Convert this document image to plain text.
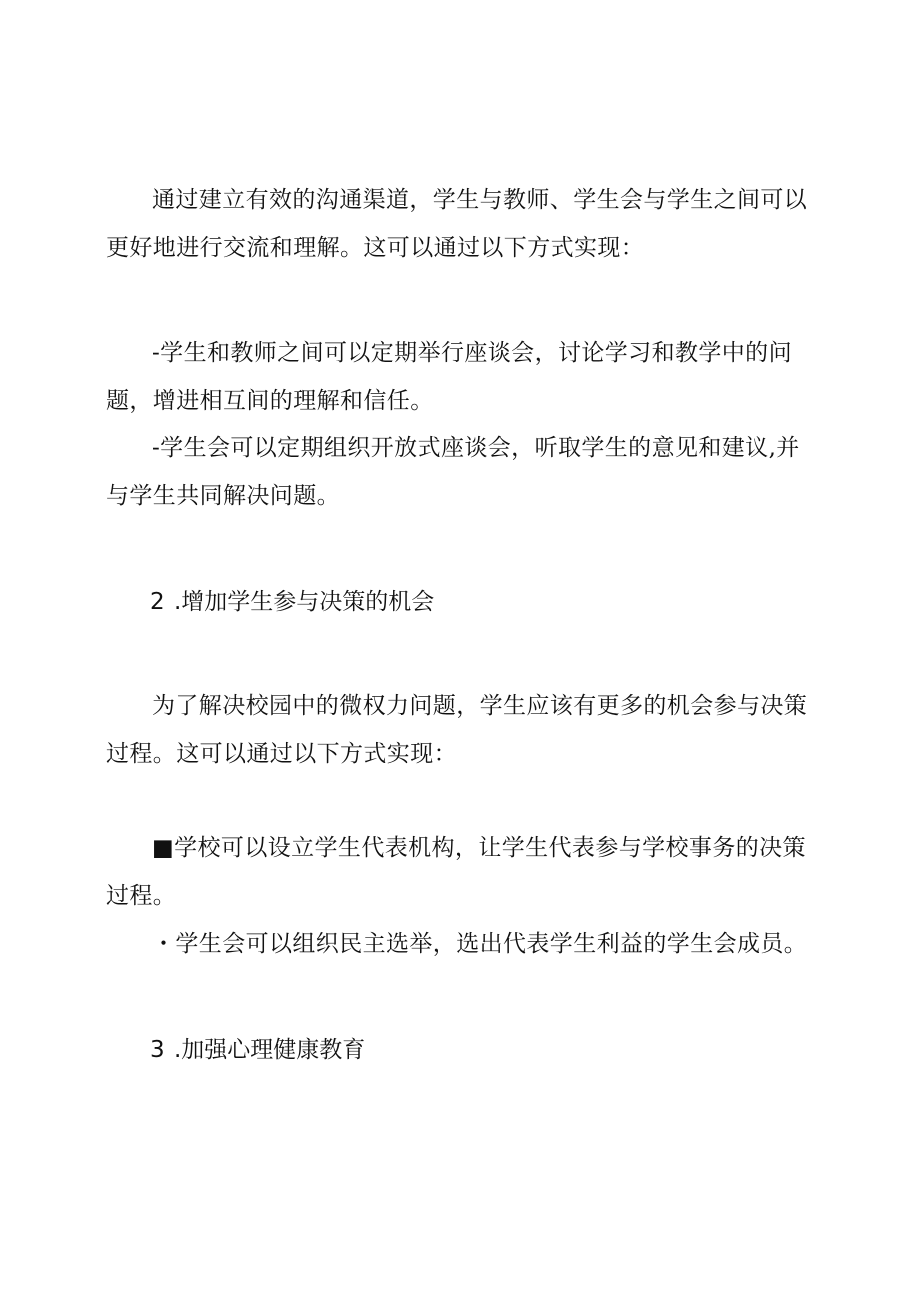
通过建立有效的沟通渠道，学生与教师、学生会与学生之间可以
更好地进行交流和理解。这可以通过以下方式实现：
-学生和教师之间可以定期举行座谈会，讨论学习和教学中的问
题，增进相互间的理解和信任。
-学生会可以定期组织开放式座谈会，听取学生的意见和建议,并
与学生共同解决问题。
2 .增加学生参与决策的机会
为了解决校园中的微权力问题，学生应该有更多的机会参与决策
过程。这可以通过以下方式实现：
■学校可以设立学生代表机构，让学生代表参与学校事务的决策
过程。
・学生会可以组织民主选举，选出代表学生利益的学生会成员。
3 .加强心理健康教育
